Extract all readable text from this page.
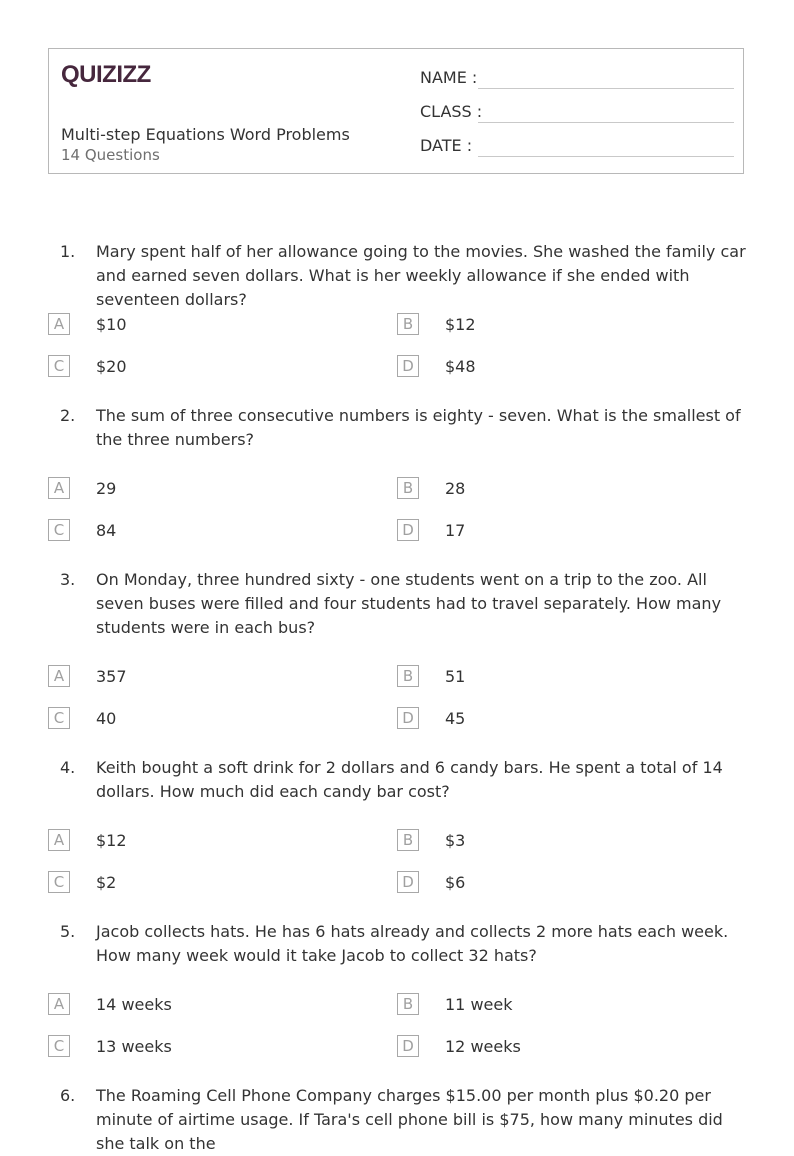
QUIZIZZ
Multi-step Equations Word Problems
14 Questions
NAME :
CLASS :
DATE :
1. Mary spent half of her allowance going to the movies. She washed the family car and earned seven dollars. What is her weekly allowance if she ended with seventeen dollars?
A	$10	B	$12
C	$20	D	$48
2. The sum of three consecutive numbers is eighty - seven. What is the smallest of the three numbers?
A	29	B	28
C	84	D	17
3. On Monday, three hundred sixty - one students went on a trip to the zoo. All seven buses were filled and four students had to travel separately. How many students were in each bus?
A	357	B	51
C	40	D	45
4. Keith bought a soft drink for 2 dollars and 6 candy bars. He spent a total of 14 dollars. How much did each candy bar cost?
A	$12	B	$3
C	$2	D	$6
5. Jacob collects hats. He has 6 hats already and collects 2 more hats each week. How many week would it take Jacob to collect 32 hats?
A	14 weeks	B	11 week
C	13 weeks	D	12 weeks
6. The Roaming Cell Phone Company charges $15.00 per month plus $0.20 per minute of airtime usage. If Tara's cell phone bill is $75, how many minutes did she talk on the
